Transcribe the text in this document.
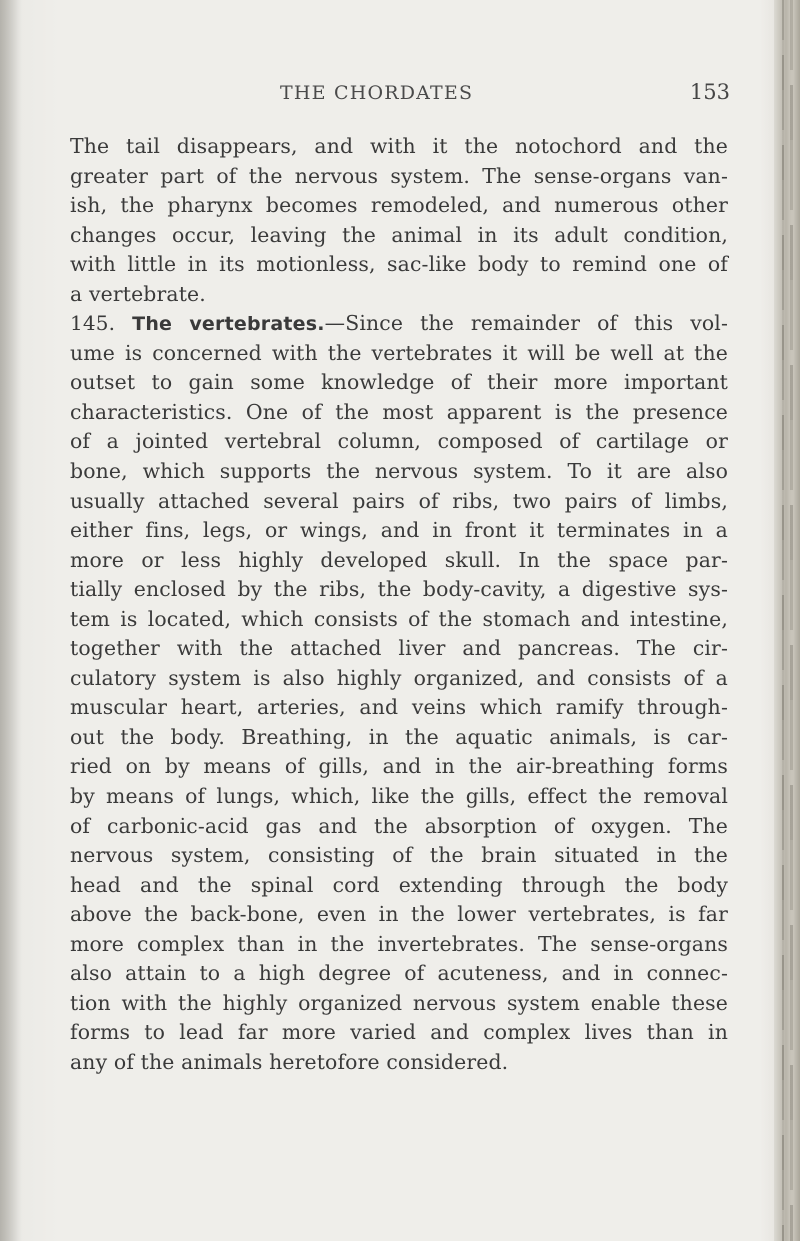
THE CHORDATES	153
The tail disappears, and with it the notochord and the
greater part of the nervous system. The sense-organs van-
ish, the pharynx becomes remodeled, and numerous other
changes occur, leaving the animal in its adult condition,
with little in its motionless, sac-like body to remind one of
a vertebrate.
145. The vertebrates.—Since the remainder of this vol-
ume is concerned with the vertebrates it will be well at the
outset to gain some knowledge of their more important
characteristics. One of the most apparent is the presence
of a jointed vertebral column, composed of cartilage or
bone, which supports the nervous system. To it are also
usually attached several pairs of ribs, two pairs of limbs,
either fins, legs, or wings, and in front it terminates in a
more or less highly developed skull. In the space par-
tially enclosed by the ribs, the body-cavity, a digestive sys-
tem is located, which consists of the stomach and intestine,
together with the attached liver and pancreas. The cir-
culatory system is also highly organized, and consists of a
muscular heart, arteries, and veins which ramify through-
out the body. Breathing, in the aquatic animals, is car-
ried on by means of gills, and in the air-breathing forms
by means of lungs, which, like the gills, effect the removal
of carbonic-acid gas and the absorption of oxygen. The
nervous system, consisting of the brain situated in the
head and the spinal cord extending through the body
above the back-bone, even in the lower vertebrates, is far
more complex than in the invertebrates. The sense-organs
also attain to a high degree of acuteness, and in connec-
tion with the highly organized nervous system enable these
forms to lead far more varied and complex lives than in
any of the animals heretofore considered.
